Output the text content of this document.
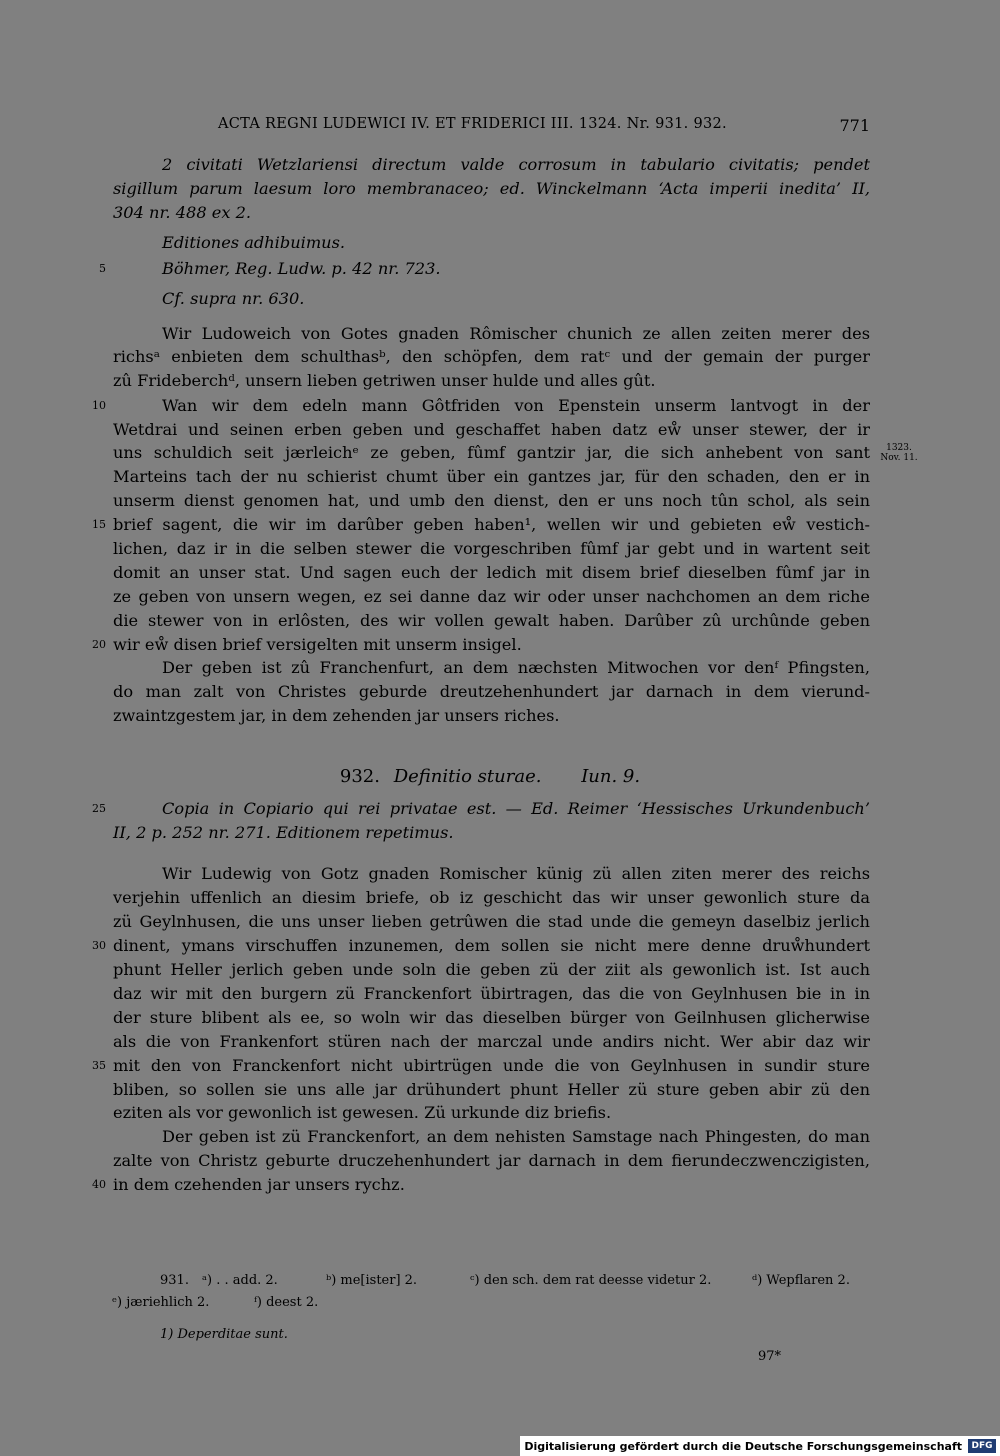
ACTA REGNI LUDEWICI IV. ET FRIDERICI III. 1324. Nr. 931. 932.	771
2 civitati Wetzlariensi directum valde corrosum in tabulario civitatis; pendet
sigillum parum laesum loro membranaceo; ed. Winckelmann ‘Acta imperii inedita’ II,
304 nr. 488 ex 2.
Editiones adhibuimus.
Böhmer, Reg. Ludw. p. 42 nr. 723.
Cf. supra nr. 630.
Wir Ludoweich von Gotes gnaden Rômischer chunich ze allen zeiten merer des
richsᵃ enbieten dem schulthasᵇ, den schöpfen, dem ratᶜ und der gemain der purger
zû Frideberchᵈ, unsern lieben getriwen unser hulde und alles gût.
Wan wir dem edeln mann Gôtfriden von Epenstein unserm lantvogt in der
Wetdrai und seinen erben geben und geschaffet haben datz eẘ unser stewer, der ir
uns schuldich seit jærleichᵉ ze geben, fûmf gantzir jar, die sich anhebent von sant
Marteins tach der nu schierist chumt über ein gantzes jar, für den schaden, den er in
unserm dienst genomen hat, und umb den dienst, den er uns noch tûn schol, als sein
brief sagent, die wir im darûber geben haben¹, wellen wir und gebieten eẘ vestich-
lichen, daz ir in die selben stewer die vorgeschriben fûmf jar gebt und in wartent seit
domit an unser stat. Und sagen euch der ledich mit disem brief dieselben fûmf jar in
ze geben von unsern wegen, ez sei danne daz wir oder unser nachchomen an dem riche
die stewer von in erlôsten, des wir vollen gewalt haben. Darûber zû urchûnde geben
wir eẘ disen brief versigelten mit unserm insigel.
Der geben ist zû Franchenfurt, an dem næchsten Mitwochen vor denᶠ Pfingsten,
do man zalt von Christes geburde dreutzehenhundert jar darnach in dem vierund-
zwaintzgestem jar, in dem zehenden jar unsers riches.
1323.
Nov. 11.
932. Definitio sturae. Iun. 9.
Copia in Copiario qui rei privatae est. — Ed. Reimer ‘Hessisches Urkundenbuch’
II, 2 p. 252 nr. 271. Editionem repetimus.
Wir Ludewig von Gotz gnaden Romischer künig zü allen ziten merer des reichs
verjehin uffenlich an diesim briefe, ob iz geschicht das wir unser gewonlich sture da
zü Geylnhusen, die uns unser lieben getrûwen die stad unde die gemeyn daselbiz jerlich
dinent, ymans virschuffen inzunemen, dem sollen sie nicht mere denne druẘhundert
phunt Heller jerlich geben unde soln die geben zü der ziit als gewonlich ist. Ist auch
daz wir mit den burgern zü Franckenfort übirtragen, das die von Geylnhusen bie in in
der sture blibent als ee, so woln wir das dieselben bürger von Geilnhusen glicherwise
als die von Frankenfort stüren nach der marczal unde andirs nicht. Wer abir daz wir
mit den von Franckenfort nicht ubirtrügen unde die von Geylnhusen in sundir sture
bliben, so sollen sie uns alle jar drühundert phunt Heller zü sture geben abir zü den
eziten als vor gewonlich ist gewesen. Zü urkunde diz briefis.
Der geben ist zü Franckenfort, an dem nehisten Samstage nach Phingesten, do man
zalte von Christz geburte druczehenhundert jar darnach in dem fierundeczwenczigisten,
in dem czehenden jar unsers rychz.
5
10
15
20
25
30
35
40
931. ᵃ) . . add. 2.	ᵇ) me[ister] 2.	ᶜ) den sch. dem rat deesse videtur 2.	ᵈ) Wepflaren 2.
ᵉ) jæriehlich 2.	ᶠ) deest 2.
1) Deperditae sunt.
97*
Digitalisierung gefördert durch die Deutsche Forschungsgemeinschaft	DFG
